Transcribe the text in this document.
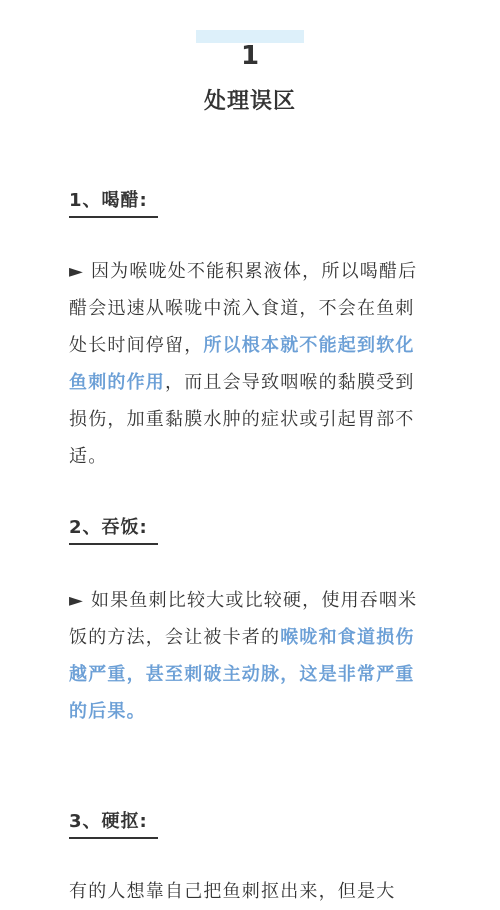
1
处理误区
1、喝醋:

► 因为喉咙处不能积累液体，所以喝醋后醋会迅速从喉咙中流入食道，不会在鱼刺处长时间停留，所以根本就不能起到软化鱼刺的作用，而且会导致咽喉的黏膜受到损伤，加重黏膜水肿的症状或引起胃部不适。

2、吞饭:

► 如果鱼刺比较大或比较硬，使用吞咽米饭的方法，会让被卡者的喉咙和食道损伤越严重，甚至刺破主动脉，这是非常严重的后果。

3、硬抠:

有的人想靠自己把鱼刺抠出来，但是大
